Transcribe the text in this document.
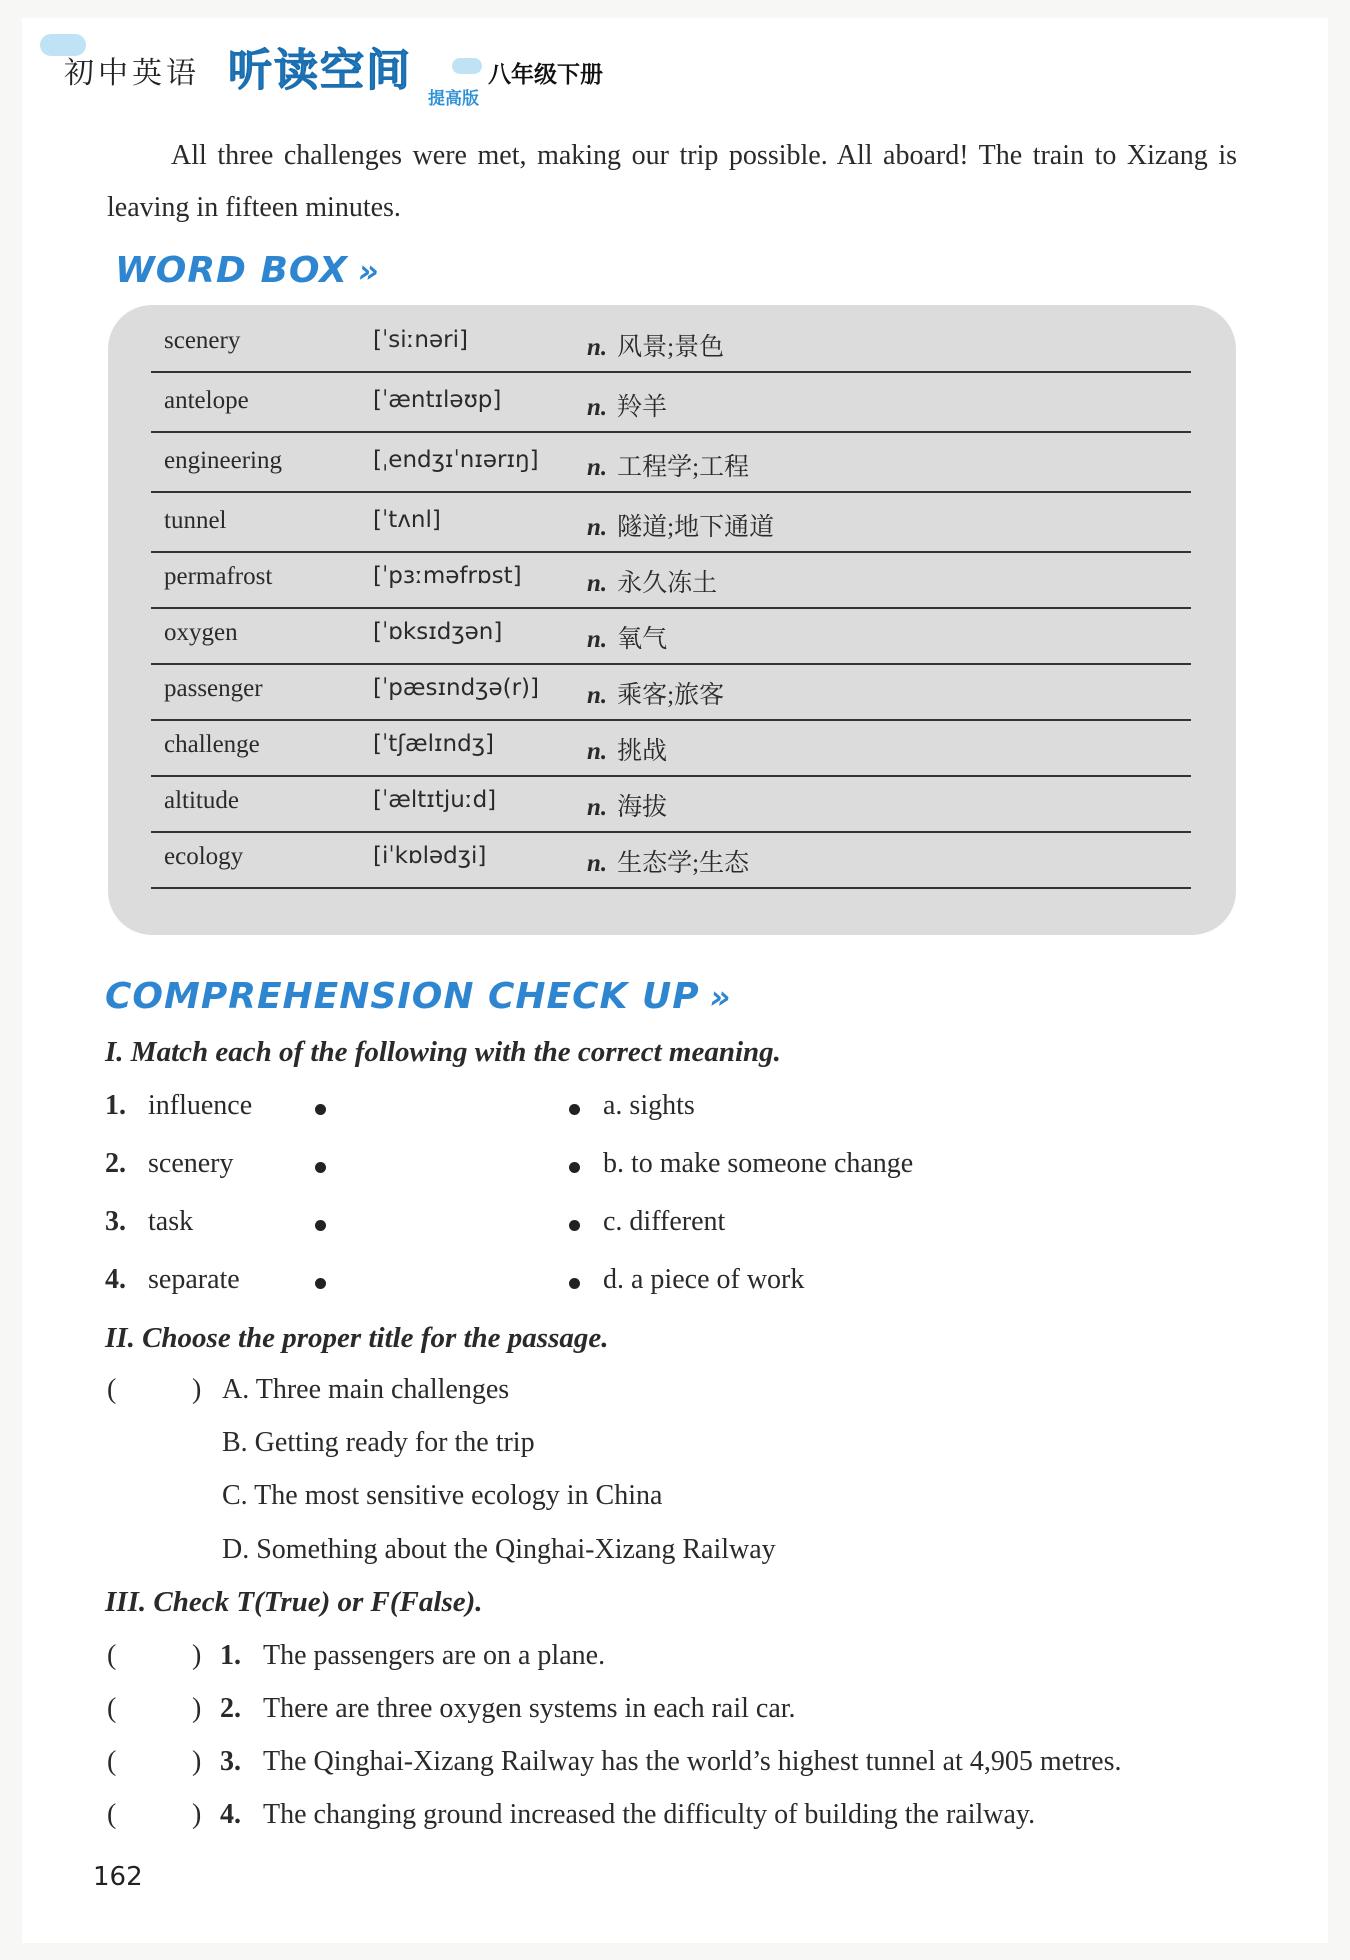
初中英语 听读空间
提高版
八年级下册
All three challenges were met, making our trip possible. All aboard! The train to Xizang is leaving in fifteen minutes.
WORD BOX »
scenery	[ˈsiːnəri]	n. 风景;景色
antelope	[ˈæntɪləʊp]	n. 羚羊
engineering	[ˌendʒɪˈnɪərɪŋ] n. 工程学;工程
tunnel	[ˈtʌnl]	n. 隧道;地下通道
permafrost	[ˈpɜːməfrɒst]	n. 永久冻土
oxygen	[ˈɒksɪdʒən]	n. 氧气
passenger	[ˈpæsɪndʒə(r)] n. 乘客;旅客
challenge	[ˈtʃælɪndʒ]	n. 挑战
altitude	[ˈæltɪtjuːd]	n. 海拔
ecology	[iˈkɒlədʒi]	n. 生态学;生态
COMPREHENSION CHECK UP »
I. Match each of the following with the correct meaning.
1. influence	a. sights
2. scenery	b. to make someone change
3. task	c. different
4. separate	d. a piece of work
II. Choose the proper title for the passage.
(	) A. Three main challenges
B. Getting ready for the trip
C. The most sensitive ecology in China
D. Something about the Qinghai-Xizang Railway
III. Check T(True) or F(False).
(	) 1. The passengers are on a plane.
(	) 2. There are three oxygen systems in each rail car.
(	) 3. The Qinghai-Xizang Railway has the world’s highest tunnel at 4,905 metres.
(	) 4. The changing ground increased the difficulty of building the railway.
162
